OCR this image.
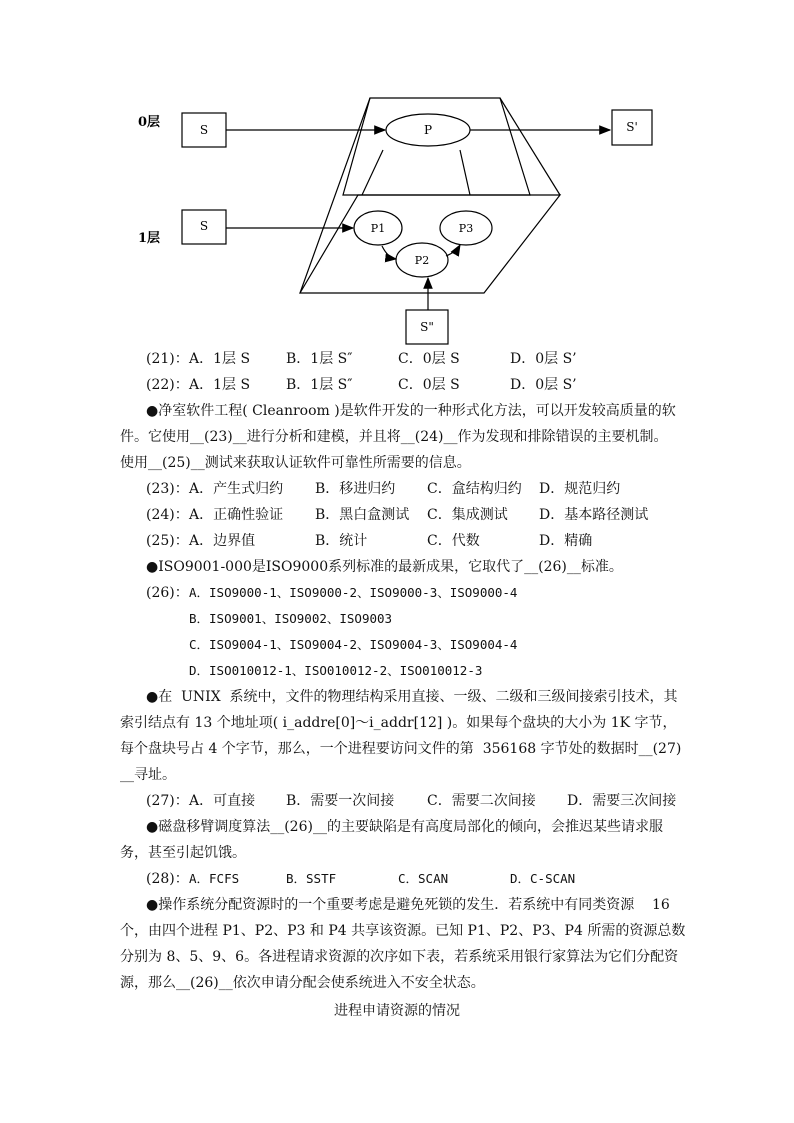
0层
1层
S	P	S'
S	P1	P3
P2
S"

(21)：

A．1层 S

	B．1层 S″

	C．0层 S

	D．0层 S’

(22)：

A．1层 S

	B．1层 S″

	C．0层 S

	D．0层 S’

●净室软件工程( Cleanroom )是软件开发的一种形式化方法，可以开发较高质量的软
件。它使用__(23)__进行分析和建模，并且将__(24)__作为发现和排除错误的主要机制。
使用__(25)__测试来获取认证软件可靠性所需要的信息。

(23)：

A．产生式归约

B．移进归约

C．盒结构归约

D．规范归约

(24)：

A．正确性验证

B．黑白盒测试

C．集成测试

D．基本路径测试

(25)：

A．边界值

	B．统计

	C．代数

	D．精确

●ISO9001-000是ISO9000系列标准的最新成果，它取代了__(26)__标准。

(26)：

A．ISO9000-1、ISO9000-2、ISO9000-3、ISO9000-4

B．ISO9001、ISO9002、ISO9003
C．ISO9004-1、ISO9004-2、ISO9004-3、ISO9004-4
D．ISO010012-1、ISO010012-2、ISO010012-3
●在  UNIX  系统中，文件的物理结构采用直接、一级、二级和三级间接索引技术，其
索引结点有 13 个地址项( i_addre[0]～i_addr[12] )。如果每个盘块的大小为 1K 字节，
每个盘块号占 4 个字节，那么，一个进程要访问文件的第  356168 字节处的数据时__(27)
__寻址。

(27)：

A．可直接

B．需要一次间接

C．需要二次间接

D．需要三次间接

●磁盘移臂调度算法__(26)__的主要缺陷是有高度局部化的倾向，会推迟某些请求服
务，甚至引起饥饿。

(28)：

A．FCFS

	B．SSTF

	C．SCAN

	D．C-SCAN

●操作系统分配资源时的一个重要考虑是避免死锁的发生．若系统中有同类资源    16
个，由四个进程 P1、P2、P3 和 P4 共享该资源。已知 P1、P2、P3、P4 所需的资源总数
分别为 8、5、9、6。各进程请求资源的次序如下表，若系统采用银行家算法为它们分配资
源，那么__(26)__依次申请分配会使系统进入不安全状态。
进程申请资源的情况
